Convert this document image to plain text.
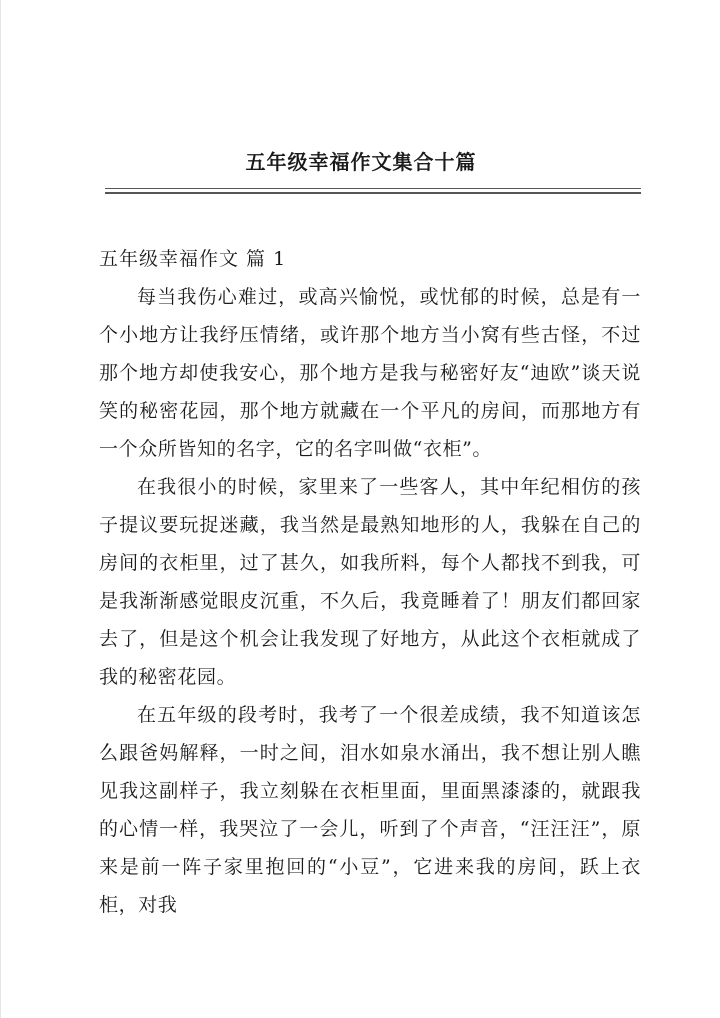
五年级幸福作文集合十篇

五年级幸福作文 篇 1

每当我伤心难过，或高兴愉悦，或忧郁的时候，总是有一个小地方让我纾压情绪，或许那个地方当小窝有些古怪，不过那个地方却使我安心，那个地方是我与秘密好友“迪欧”谈天说笑的秘密花园，那个地方就藏在一个平凡的房间，而那地方有一个众所皆知的名字，它的名字叫做“衣柜”。

在我很小的时候，家里来了一些客人，其中年纪相仿的孩子提议要玩捉迷藏，我当然是最熟知地形的人，我躲在自己的房间的衣柜里，过了甚久，如我所料，每个人都找不到我，可是我渐渐感觉眼皮沉重，不久后，我竟睡着了！朋友们都回家去了，但是这个机会让我发现了好地方，从此这个衣柜就成了我的秘密花园。

在五年级的段考时，我考了一个很差成绩，我不知道该怎么跟爸妈解释，一时之间，泪水如泉水涌出，我不想让别人瞧见我这副样子，我立刻躲在衣柜里面，里面黑漆漆的，就跟我的心情一样，我哭泣了一会儿，听到了个声音，“汪汪汪”，原来是前一阵子家里抱回的“小豆”，它进来我的房间，跃上衣柜，对我
